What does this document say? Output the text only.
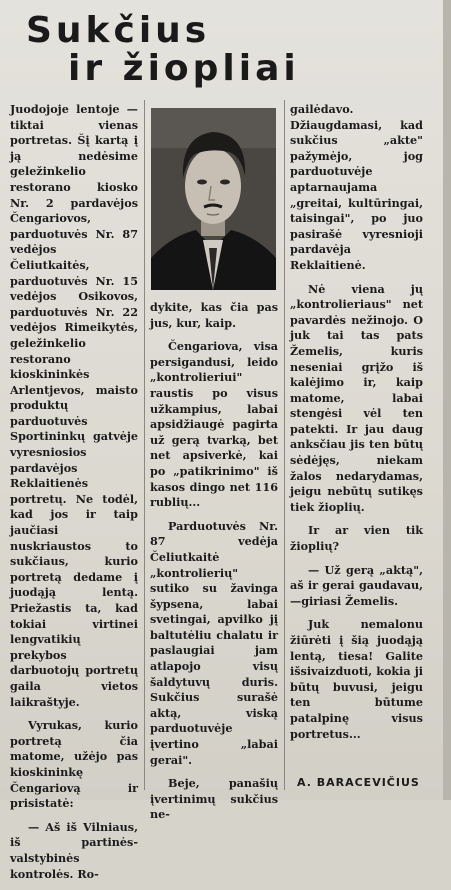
Sukčius
ir žiopliai

Juodojoje lentoje —tiktai vienas portretas. Šį kartą į ją nedėsime geležinkelio restorano kiosko Nr. 2 pardavėjos Čengariovos, parduotuvės Nr. 87 vedėjos Čeliutkaitės, parduotuvės Nr. 15 vedėjos Osikovos, parduotuvės Nr. 22 vedėjos Rimeikytės, geležinkelio restorano kioskininkės Arlentjevos, maisto produktų parduotuvės Sportininkų gatvėje vyresniosios pardavėjos Reklaitienės portretų. Ne todėl, kad jos ir taip jaučiasi nuskriaustos to sukčiaus, kurio portretą dedame į juodąją lentą. Priežastis ta, kad tokiai virtinei lengvatikių prekybos darbuotojų portretų gaila vietos laikraštyje.

Vyrukas, kurio portretą čia matome, užėjo pas kioskininkę Čengariovą ir prisistatė:

— Aš iš Vilniaus, iš partinės-valstybinės kontrolės. Ro-

dykite, kas čia pas jus, kur, kaip.

Čengariova, visa persigandusi, leido „kontrolieriui" raustis po visus užkampius, labai apsidžiaugė pagirta už gerą tvarką, bet net apsiverkė, kai po „patikrinimo" iš kasos dingo net 116 rublių...

Parduotuvės Nr. 87 vedėja Čeliutkaitė „kontrolierių" sutiko su žavinga šypsena, labai svetingai, apvilko jį baltutėliu chalatu ir paslaugiai jam atlapojo visų šaldytuvų duris. Sukčius surašė aktą, viską parduotuvėje įvertino „labai gerai".

Beje, panašių įvertinimų sukčius ne-

gailėdavo. Džiaugdamasi, kad sukčius „akte" pažymėjo, jog parduotuvėje aptarnaujama „greitai, kultūringai, taisingai", po juo pasirašė vyresnioji pardavėja Reklaitienė.

Nė viena jų „kontrolieriaus" net pavardės nežinojo. O juk tai tas pats Žemelis, kuris neseniai grįžo iš kalėjimo ir, kaip matome, labai stengėsi vėl ten patekti. Ir jau daug anksčiau jis ten būtų sėdėjęs, niekam žalos nedarydamas, jeigu nebūtų sutikęs tiek žioplių.

Ir ar vien tik žioplių?

— Už gerą „aktą", aš ir gerai gaudavau, —giriasi Žemelis.

Juk nemalonu žiūrėti į šią juodąją lentą, tiesa! Galite išsivaizduoti, kokia ji būtų buvusi, jeigu ten būtume patalpinę visus portretus...

A. BARACEVIČIUS
